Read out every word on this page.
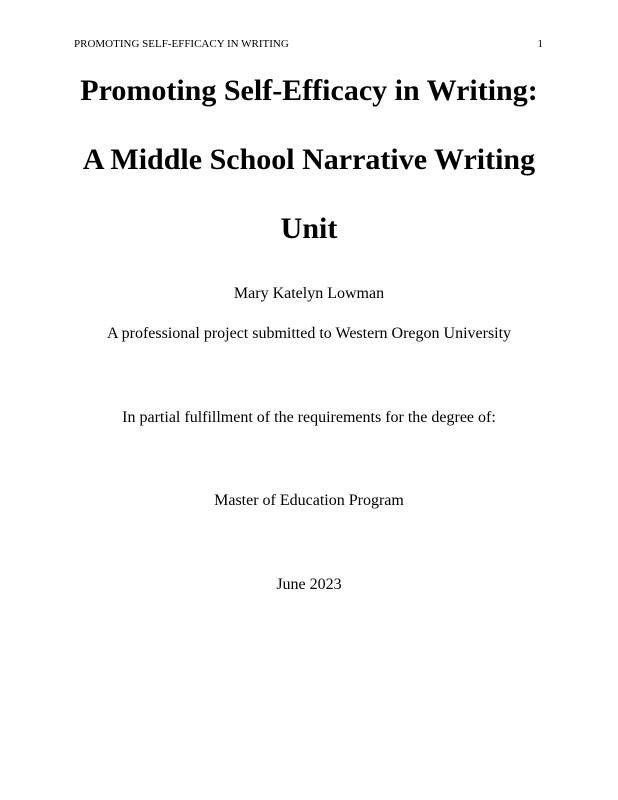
PROMOTING SELF-EFFICACY IN WRITING	1
Promoting Self-Efficacy in Writing:
A Middle School Narrative Writing
Unit
Mary Katelyn Lowman
A professional project submitted to Western Oregon University
In partial fulfillment of the requirements for the degree of:
Master of Education Program
June 2023
